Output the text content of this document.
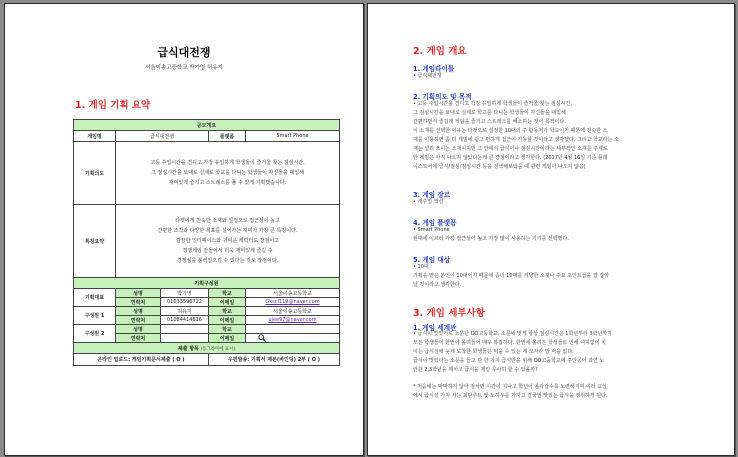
급식대전쟁
서울이송고등학교 박가영 허유지
1. 게임 기획 요약
공모개요				
게임명	급식대전쟁		플랫폼	Smart Phone
기획의도	고등 수업시간을 견디고 가장 유일하게 학생들이 즐거울 찾는 점심시간,
그 점심시간을 토대로 실제로 학교를 다니는 학생들이 자신들을 대입해
재미있게 즐기고 스트레스를 풀 수 있게 기획했습니다.			

특징요약	타겟에게 친숙한 소재와 설정으로 접근성이 높고
간편한 조작과 다양한 목표를 설어가는 재미가 가장 큰 특징이다.
깔끔한 인터페이스와 귀여운 캐릭터도 강점이고
경쟁게임 만들어서 더욱 재미있게 즐길 수
경쟁심을 불러일으킬 수 있다는 것도 장점이다.			

기획구성원				
기획대표	성명	박가영	학교	서울이송고등학교
	연락처	01033596722	이메일	Gkscl119@naver.com
구성원 1	성명	허유지	학교	서울이송고등학교
	연락처	01084414616	이메일	ujee97@naver.com
구성원 2	성명		학교	
	연락처		이메일	
제출 항목 (동그라미에 표시)				
온라인 업로드: 게임기획문서제출 ( O )			우편발송: 기획서 제본(바인딩) 2부 ( O )	
2. 게임 개요
1. 게임타이틀
• 급식대전쟁
2. 기획의도 및 목적
• 고등 수업시간을 견디고 가장 유일하게 학생들이 즐거울 찾는 점심시간,
그 점심시간을 토대로 실제로 학교를 다니는 학생들이 자신들을 대입해
간편하면서 즐겁게 게임을 즐기고 스트레스를 해소하는 것이 목적이다.
이 소재를 선택한 이유는 타겟으로 설정한 10대의 주 활동처가 학교이기 때문에 친숙한 소
재를 이용하면 좀 더 게임에 쉽고 편하게 접근이 가능할 것이라고 생각했다. 그리고 학교라는 소
재는 널리 쓰이는 소재이지만 그 안에서 급식이나 점심시간이라는 세부적인 소재를 주제로
한 게임은 아직 나오지 않았다는게 큰 강점이라고 생각한다. (2017년 4월 16일 기준 플레
이스토어에 급식/점심/점심시간 등을 검색해보았을 때 관련 게임이 나오지 않음)
3. 게임 장르
• 캐주얼 액션
4. 게임 플랫폼
• Smart Phone
현대에 이르러 가장 접근성이 높고 가장 많이 사용하는 기기를 선택했다.
5. 게임 대상
• 10대
기획을 맡은 본인이 10대이기 때문에 좀더 10대를 겨냥한 소재나 주요 포인트들을 잘 잡아
낼 것이라고 생각한다.
3. 게임 세부사항
1. 게임 세계관
• 급식이 맛있기로 소문난 OO고등학교. 소문에 맞게 항상 점심시간은 1학년부터 3학년까지
모든 학생들이 한번에 몰려들어 매우 복잡하다. 한번에 몰려든 학생들로 인해 여지없이 치
이는 급식실에 늦게 도착한 학생들은 먹을 수 있는 게 모자라 밥 먹을 없다.
급식이 맛있다는 소문을 들고 단 한 가지 급식만을 위해 OO고등학교에 주인공이 과연 노
란한 2,3학년을 제치고 급식을 제일 무사히 할 수 있을까?
* 처음에는 막막하지 않아 점차면 시간이 지나고 학년이 올라갈수록 노련해지며 여러 교실
에서 급식실 가지 가는 최단루트 및 노하우를 가지고 결국엔 맛있는 급식을 쟁취하게 된다.
